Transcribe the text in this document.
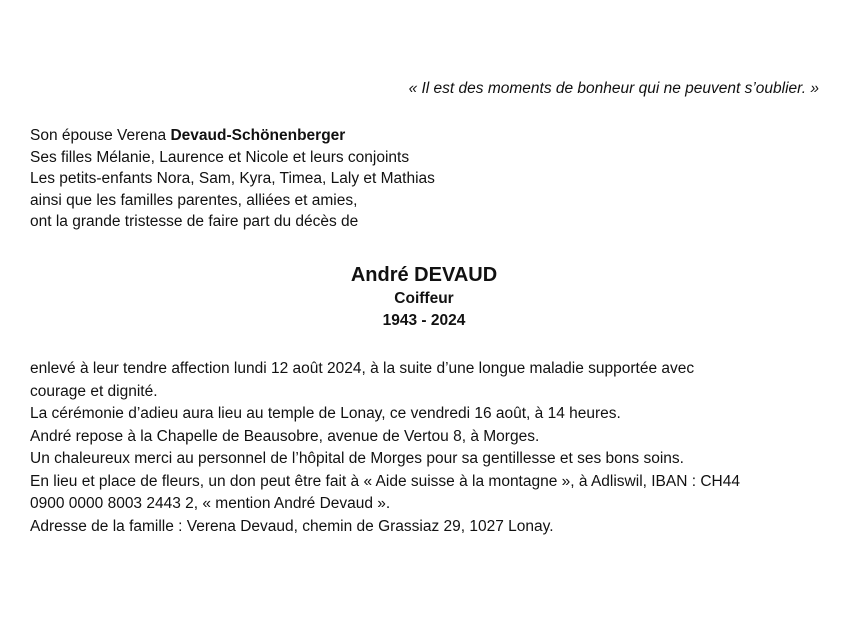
« Il est des moments de bonheur qui ne peuvent s’oublier. »
Son épouse Verena Devaud-Schönenberger
Ses filles Mélanie, Laurence et Nicole et leurs conjoints
Les petits-enfants Nora, Sam, Kyra, Timea, Laly et Mathias
ainsi que les familles parentes, alliées et amies,
ont la grande tristesse de faire part du décès de
André DEVAUD
Coiffeur
1943 - 2024
enlevé à leur tendre affection lundi 12 août 2024, à la suite d’une longue maladie supportée avec
courage et dignité.
La cérémonie d’adieu aura lieu au temple de Lonay, ce vendredi 16 août, à 14 heures.
André repose à la Chapelle de Beausobre, avenue de Vertou 8, à Morges.
Un chaleureux merci au personnel de l’hôpital de Morges pour sa gentillesse et ses bons soins.
En lieu et place de fleurs, un don peut être fait à « Aide suisse à la montagne », à Adliswil, IBAN : CH44
0900 0000 8003 2443 2, « mention André Devaud ».
Adresse de la famille : Verena Devaud, chemin de Grassiaz 29, 1027 Lonay.
